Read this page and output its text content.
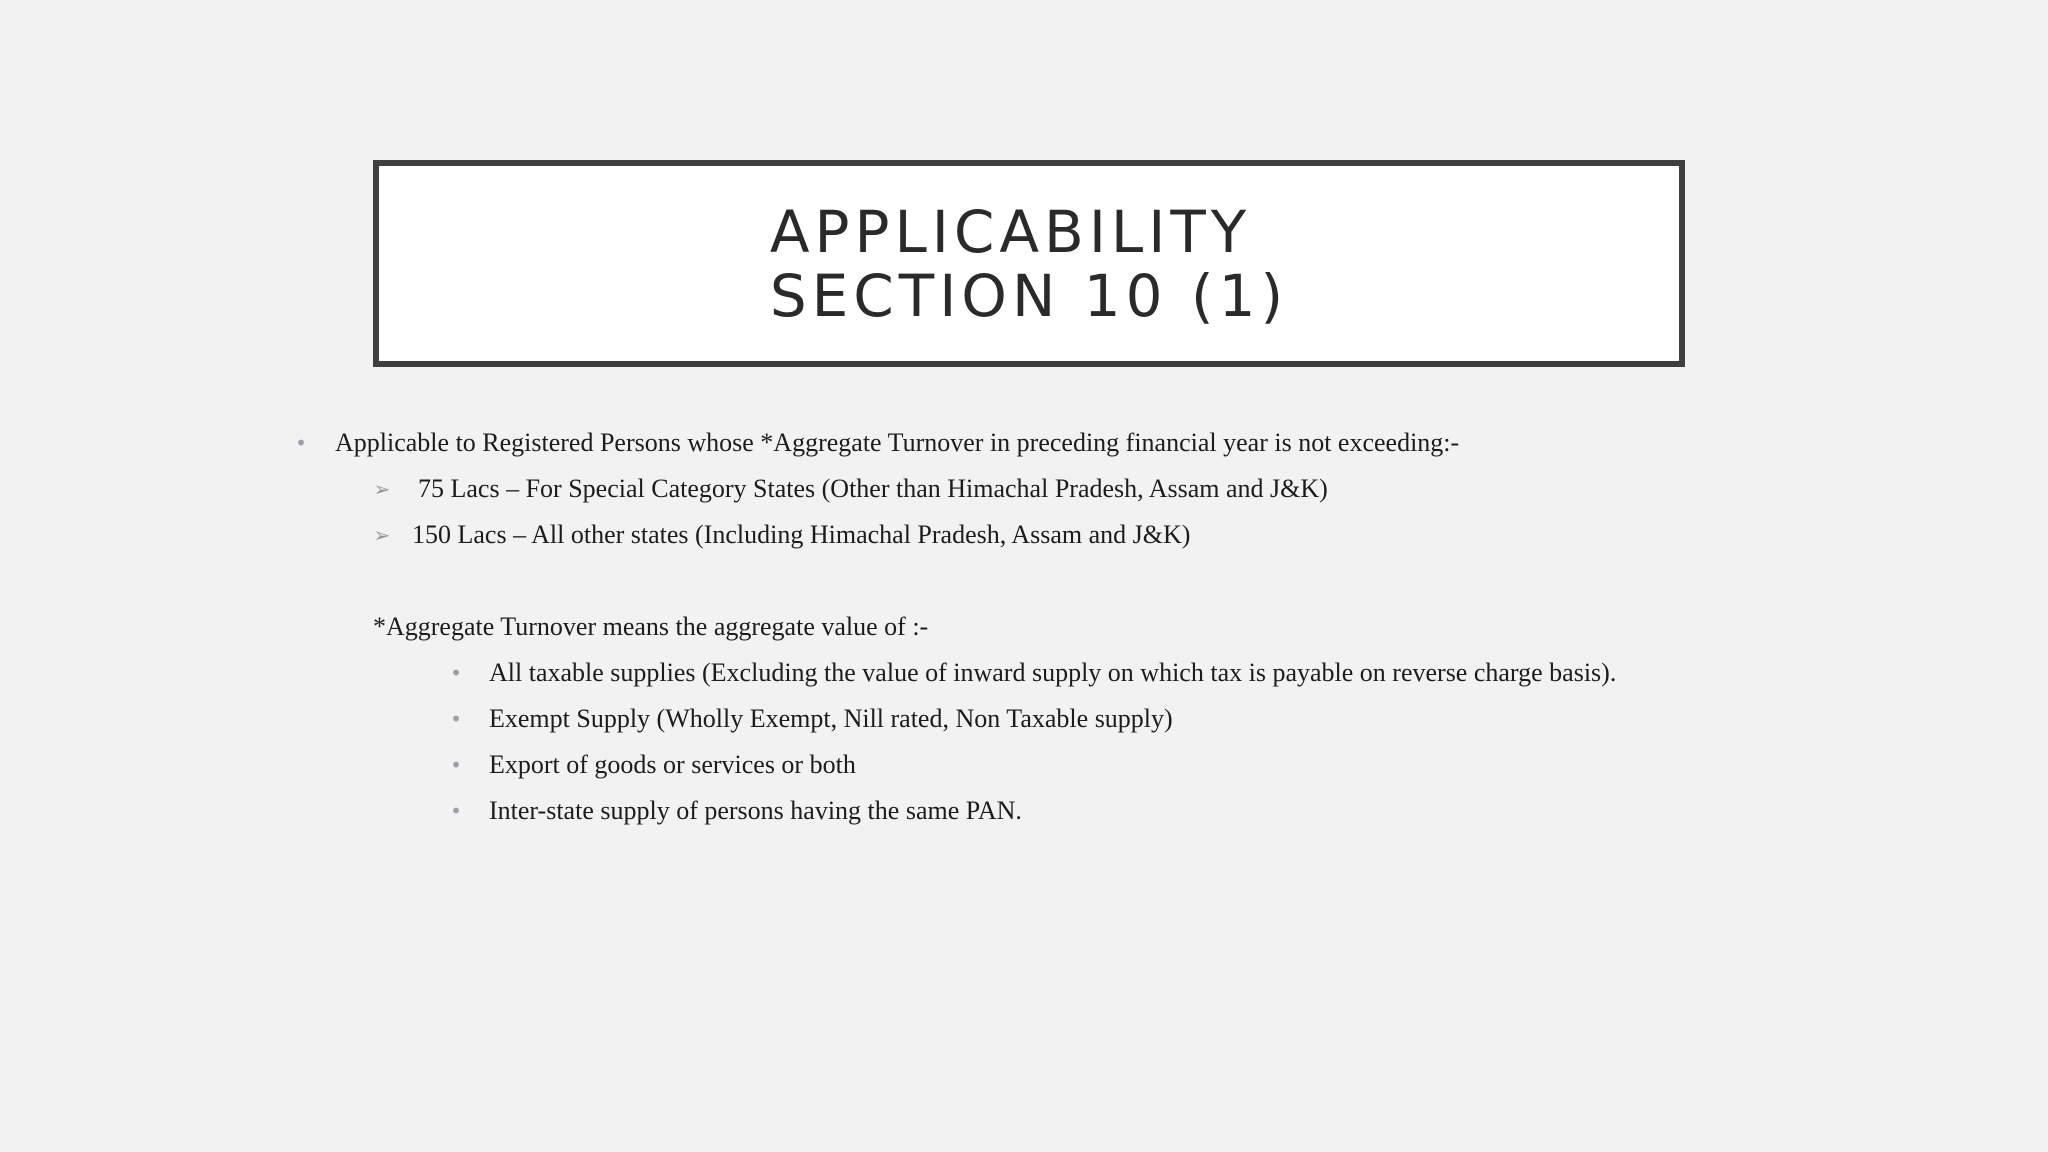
APPLICABILITY
SECTION 10 (1)
• Applicable to Registered Persons whose *Aggregate Turnover in preceding financial year is not exceeding:-
➢ 75 Lacs – For Special Category States (Other than Himachal Pradesh, Assam and J&K)
➢ 150 Lacs – All other states (Including Himachal Pradesh, Assam and J&K)
*Aggregate Turnover means the aggregate value of :-
• All taxable supplies (Excluding the value of inward supply on which tax is payable on reverse charge basis).
• Exempt Supply (Wholly Exempt, Nill rated, Non Taxable supply)
• Export of goods or services or both
• Inter-state supply of persons having the same PAN.
